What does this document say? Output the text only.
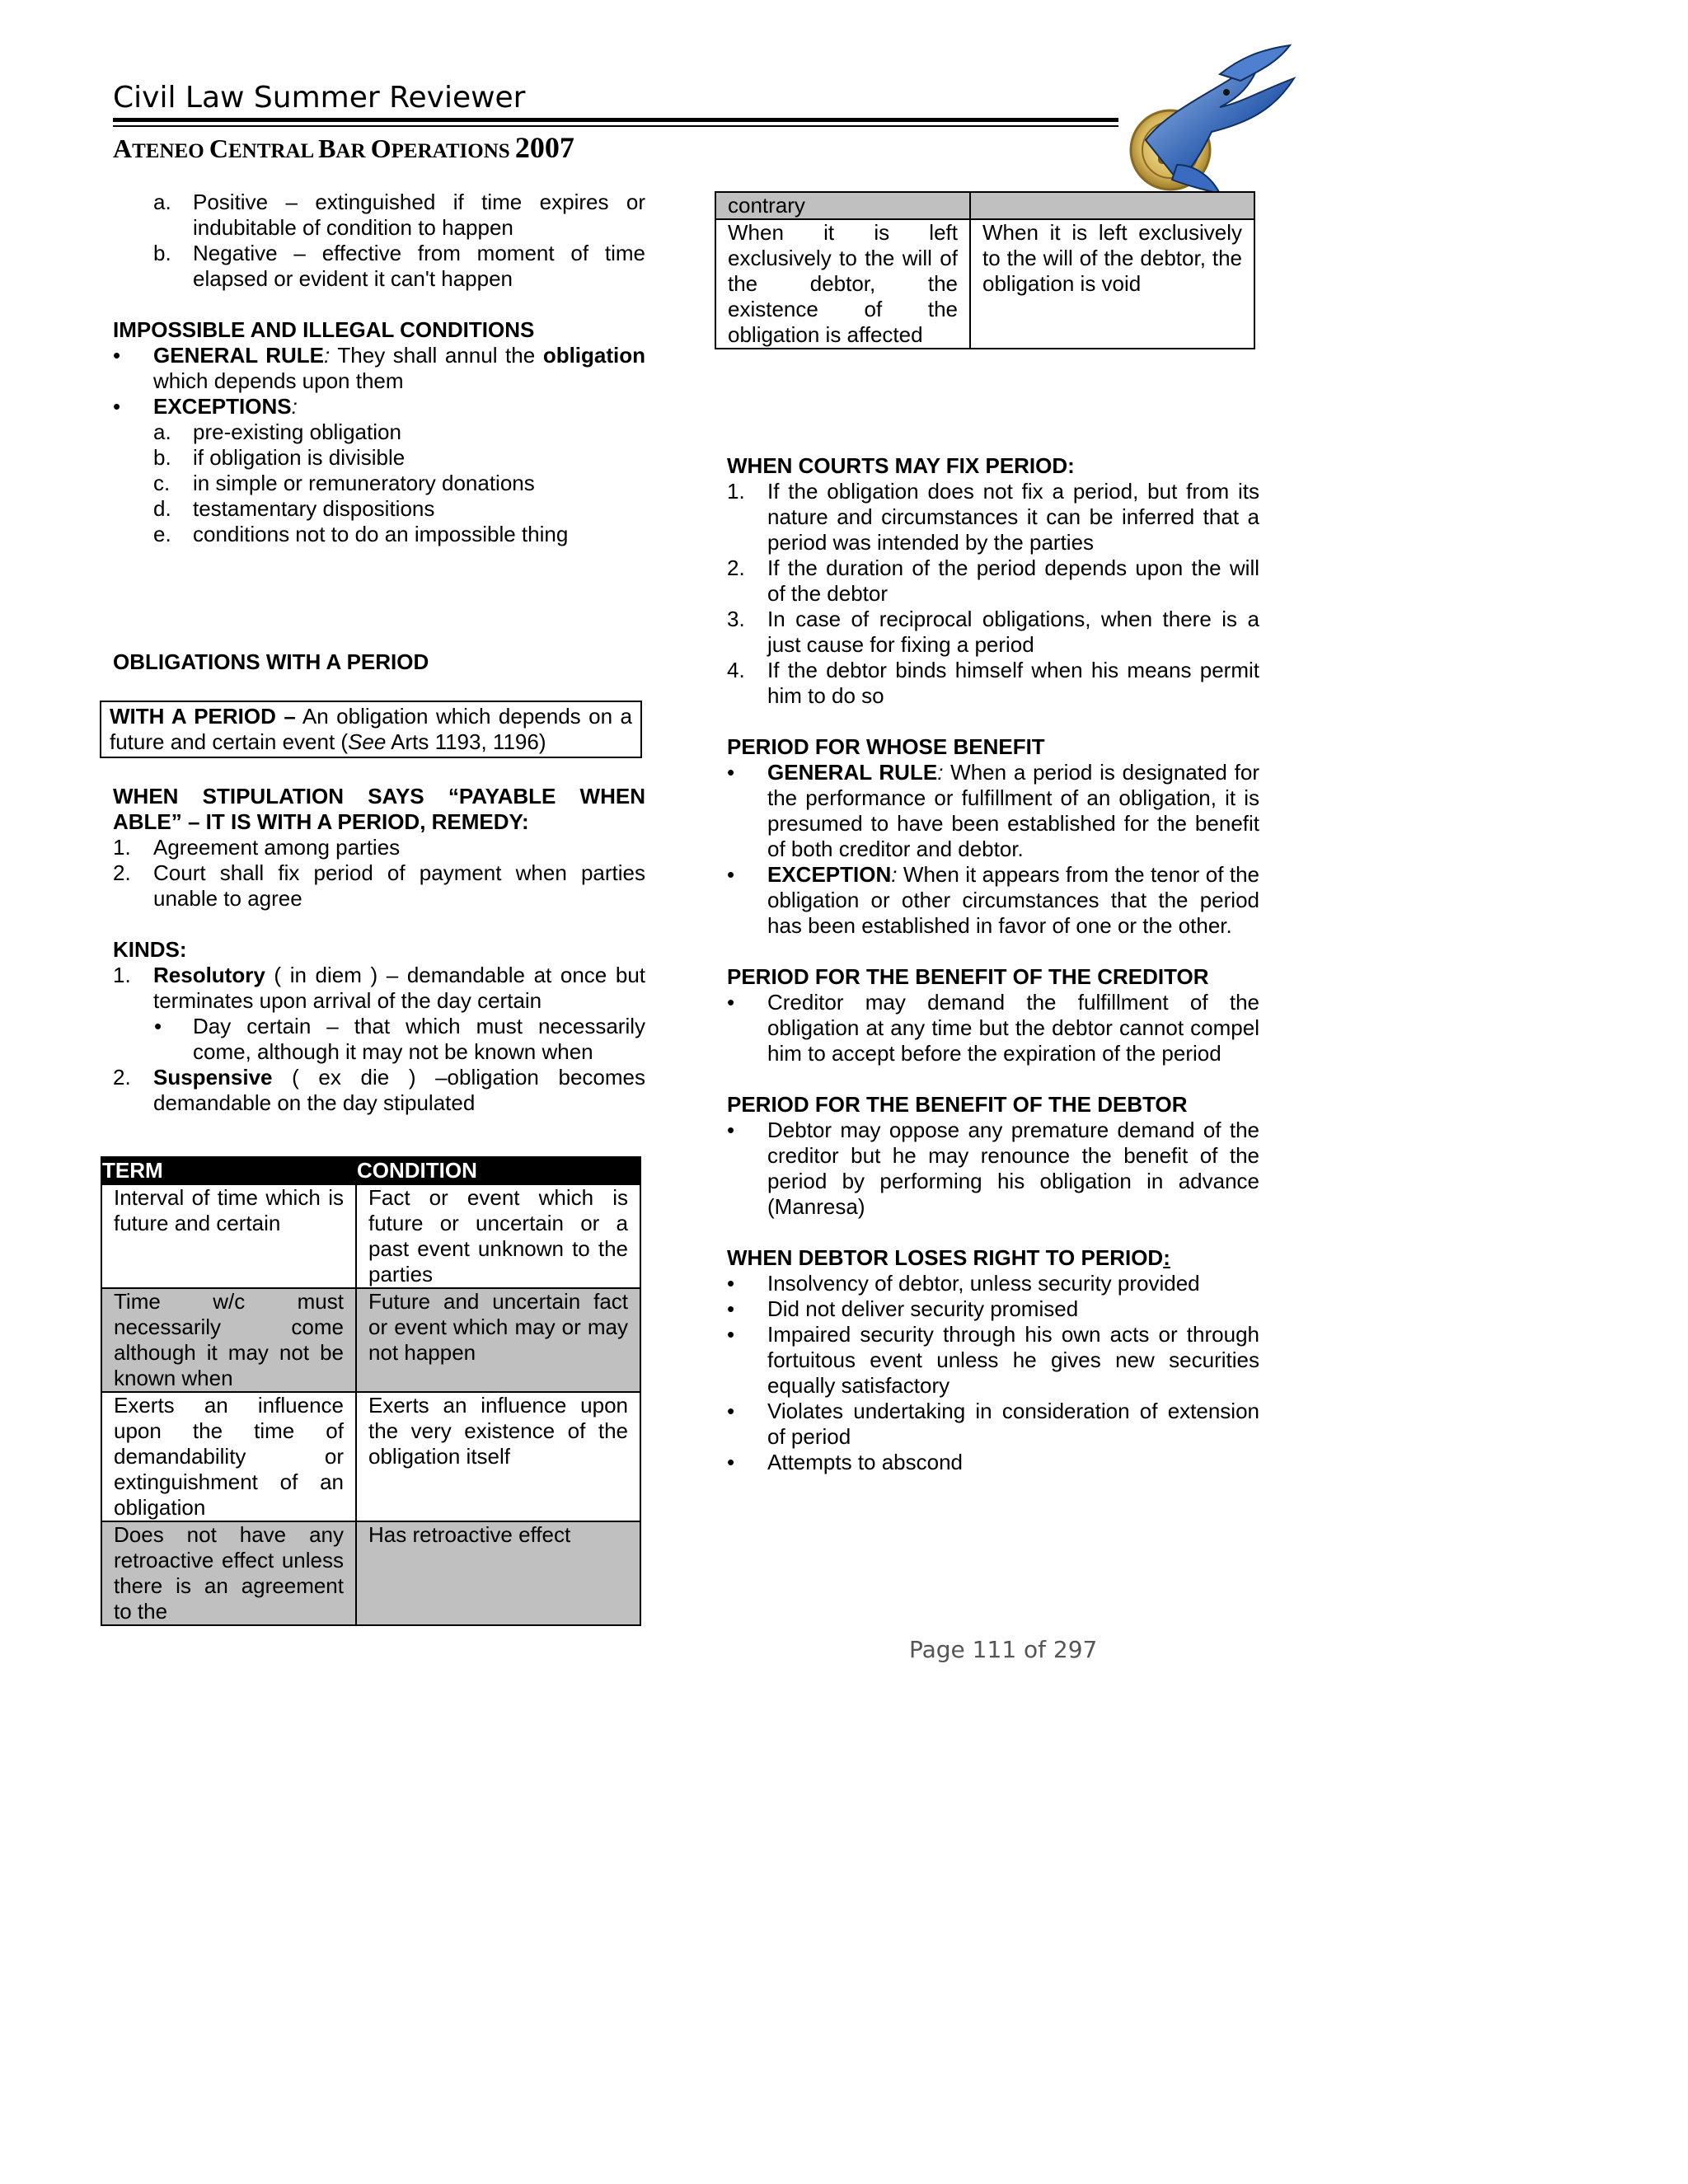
Civil Law Summer Reviewer
ATENEO CENTRAL BAR OPERATIONS 2007
a. Positive – extinguished if time expires or indubitable of condition to happen
b. Negative – effective from moment of time elapsed or evident it can't happen

IMPOSSIBLE AND ILLEGAL CONDITIONS

• GENERAL RULE: They shall annul the obligation which depends upon them
• EXCEPTIONS:
a. pre-existing obligation
b. if obligation is divisible
c. in simple or remuneratory donations
d. testamentary dispositions
e. conditions not to do an impossible thing

OBLIGATIONS WITH A PERIOD

WITH A PERIOD – An obligation which depends on a future and certain event (See Arts 1193, 1196)

WHEN STIPULATION SAYS “PAYABLE WHEN ABLE” – IT IS WITH A PERIOD, REMEDY:

1. Agreement among parties
2. Court shall fix period of payment when parties unable to agree

KINDS:

1. Resolutory ( in diem ) – demandable at once but terminates upon arrival of the day certain
• Day certain – that which must necessarily come, although it may not be known when
2. Suspensive ( ex die ) –obligation becomes demandable on the day stipulated
TERM	CONDITION
Interval of time which is future and certain	Fact or event which is future or uncertain or a past event unknown to the parties
Time w/c must necessarily come although it may not be known when	Future and uncertain fact or event which may or may not happen
Exerts an influence upon the time of demandability or extinguishment of an obligation	Exerts an influence upon the very existence of the obligation itself
Does not have any retroactive effect unless there is an agreement to the	Has retroactive effect
contrary	
When it is left exclusively to the will of the debtor, the existence of the obligation is affected	When it is left exclusively to the will of the debtor, the obligation is void

WHEN COURTS MAY FIX PERIOD:

1. If the obligation does not fix a period, but from its nature and circumstances it can be inferred that a period was intended by the parties
2. If the duration of the period depends upon the will of the debtor
3. In case of reciprocal obligations, when there is a just cause for fixing a period
4. If the debtor binds himself when his means permit him to do so

PERIOD FOR WHOSE BENEFIT

• GENERAL RULE: When a period is designated for the performance or fulfillment of an obligation, it is presumed to have been established for the benefit of both creditor and debtor.
• EXCEPTION: When it appears from the tenor of the obligation or other circumstances that the period has been established in favor of one or the other.

PERIOD FOR THE BENEFIT OF THE CREDITOR

• Creditor may demand the fulfillment of the obligation at any time but the debtor cannot compel him to accept before the expiration of the period

PERIOD FOR THE BENEFIT OF THE DEBTOR

• Debtor may oppose any premature demand of the creditor but he may renounce the benefit of the period by performing his obligation in advance (Manresa)

WHEN DEBTOR LOSES RIGHT TO PERIOD:

• Insolvency of debtor, unless security provided
• Did not deliver security promised
• Impaired security through his own acts or through fortuitous event unless he gives new securities equally satisfactory
• Violates undertaking in consideration of extension of period
• Attempts to abscond
Page 111 of 297
